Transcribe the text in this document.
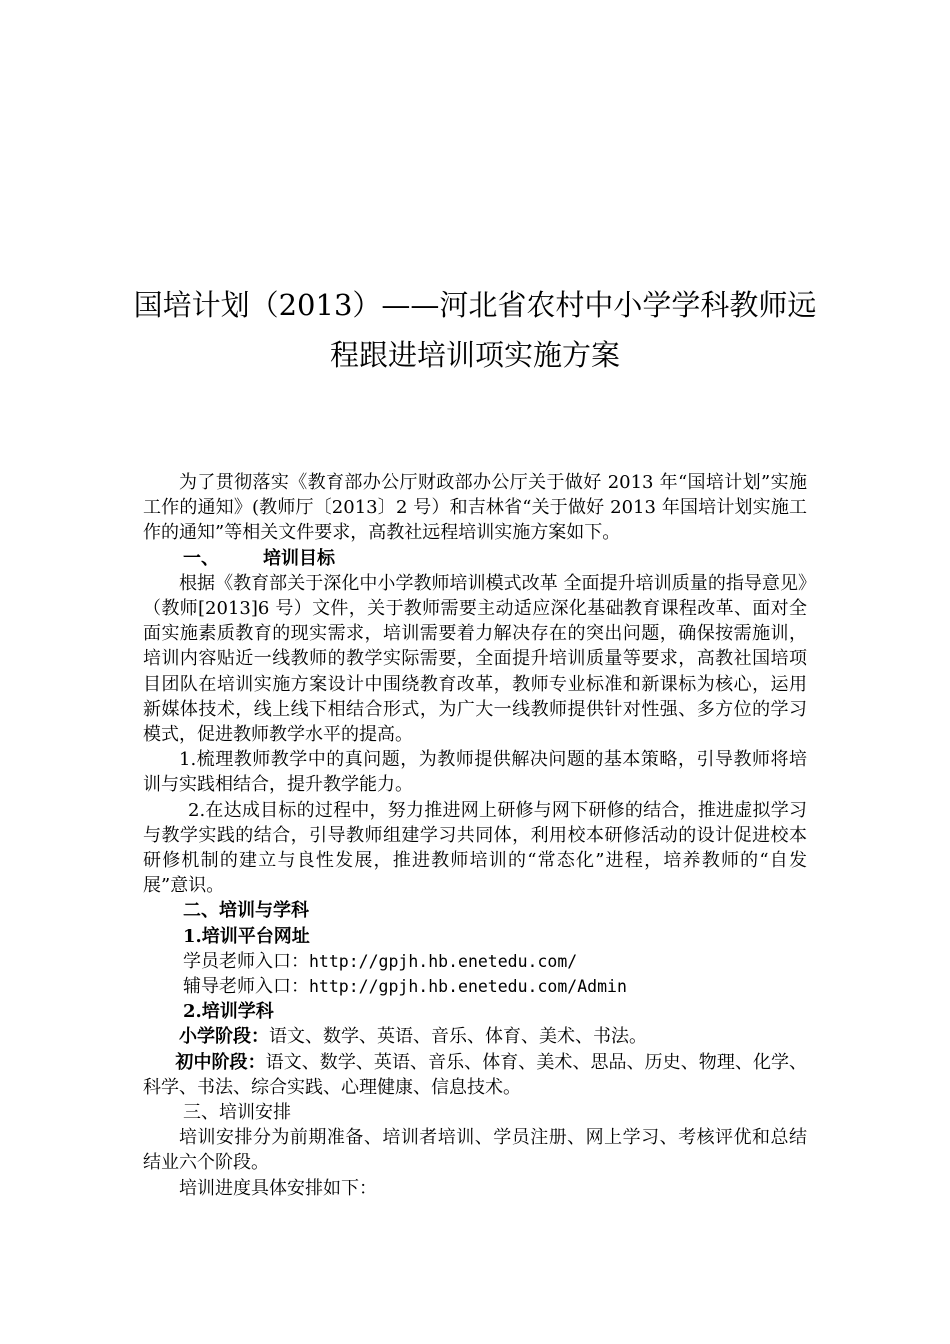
国培计划（2013）——河北省农村中小学学科教师远
程跟进培训项实施方案

为了贯彻落实《教育部办公厅财政部办公厅关于做好 2013 年“国培计划”实施工作的通知》(教师厅〔2013〕2 号）和吉林省“关于做好 2013 年国培计划实施工作的通知”等相关文件要求，高教社远程培训实施方案如下。

一、 培训目标

根据《教育部关于深化中小学教师培训模式改革 全面提升培训质量的指导意见》（教师[2013]6 号）文件，关于教师需要主动适应深化基础教育课程改革、面对全面实施素质教育的现实需求，培训需要着力解决存在的突出问题，确保按需施训，培训内容贴近一线教师的教学实际需要，全面提升培训质量等要求，高教社国培项目团队在培训实施方案设计中围绕教育改革，教师专业标准和新课标为核心，运用新媒体技术，线上线下相结合形式，为广大一线教师提供针对性强、多方位的学习模式，促进教师教学水平的提高。

1.梳理教师教学中的真问题，为教师提供解决问题的基本策略，引导教师将培训与实践相结合，提升教学能力。

2.在达成目标的过程中，努力推进网上研修与网下研修的结合，推进虚拟学习与教学实践的结合，引导教师组建学习共同体，利用校本研修活动的设计促进校本研修机制的建立与良性发展，推进教师培训的“常态化”进程，培养教师的“自发展”意识。

二、培训与学科

1.培训平台网址

学员老师入口：http://gpjh.hb.enetedu.com/

辅导老师入口：http://gpjh.hb.enetedu.com/Admin

2.培训学科

小学阶段：语文、数学、英语、音乐、体育、美术、书法。

初中阶段：语文、数学、英语、音乐、体育、美术、思品、历史、物理、化学、科学、书法、综合实践、心理健康、信息技术。

三、培训安排

培训安排分为前期准备、培训者培训、学员注册、网上学习、考核评优和总结结业六个阶段。

培训进度具体安排如下：
